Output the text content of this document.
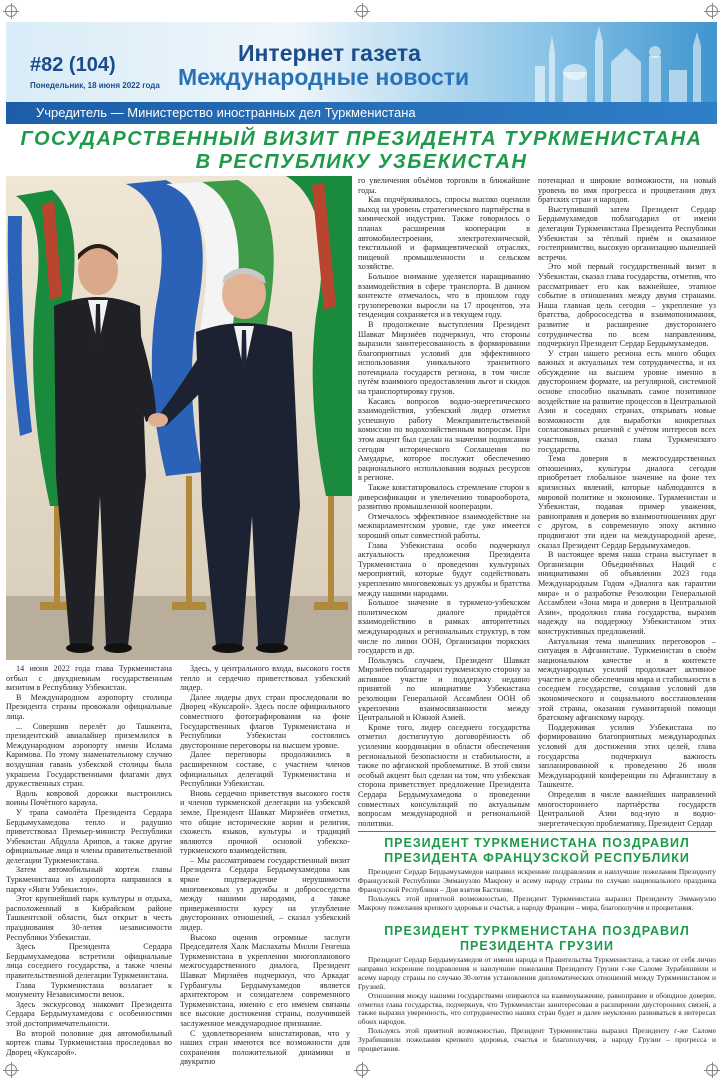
#82 (104)
Понедельник, 18 июня 2022 года
Интернет газета
Международные новости
Учредитель — Министерство иностранных дел Туркменистана
ГОСУДАРСТВЕННЫЙ ВИЗИТ ПРЕЗИДЕНТА ТУРКМЕНИСТАНА
В РЕСПУБЛИКУ УЗБЕКИСТАН

14 июня 2022 года глава Туркменистана отбыл с двухдневным государственным визитом в Республику Узбекистан.

В Международном аэропорту столицы Президента страны провожали официальные лица.

... Совершив перелёт до Ташкента, президентский авиалайнер приземлился в Международном аэропорту имени Ислама Каримова. По этому знаменательному случаю воздушная гавань узбекской столицы была украшена Государственными флагами двух дружественных стран.

Вдоль ковровой дорожки выстроились воины Почётного караула.

У трапа самолёта Президента Сердара Бердымухамедова тепло и радушно приветствовал Премьер-министр Республики Узбекистан Абдулла Арипов, а также другие официальные лица и члены правительственной делегации Туркменистана.

Затем автомобильный кортеж главы Туркменистана из аэропорта направился к парку «Янги Узбекистон».

Этот крупнейший парк культуры и отдыха, расположенный в Кибрайском районе Ташкентской области, был открыт в честь празднования 30-летия независимости Республики Узбекистан.

Здесь Президента Сердара Бердымухамедова встретили официальные лица соседнего государства, а также члены правительственной делегации Туркменистана.

Глава Туркменистана возлагает к монументу Независимости венок.

Здесь экскурсовод знакомит Президента Сердара Бердымухамедова с особенностями этой достопримечательности.

Во второй половине дня автомобильный кортеж главы Туркменистана проследовал во Дворец «Куксарой».

Здесь, у центрального входа, высокого гостя тепло и сердечно приветствовал узбекский лидер.

Далее лидеры двух стран проследовали во Дворец «Куксарой». Здесь после официального совместного фотографирования на фоне Государственных флагов Туркменистана и Республики Узбекистан состоялись двусторонние переговоры на высшем уровне.

Далее переговоры продолжились в расширенном составе, с участием членов официальных делегаций Туркменистана и Республики Узбекистан.

Вновь сердечно приветствуя высокого гостя и членов туркменской делегации на узбекской земле, Президент Шавкат Мирзиёев отметил, что общие исторические корни и религия, схожесть языков, культуры и традиций являются прочной основой узбекско-туркменского взаимодействия.

– Мы рассматриваем государственный визит Президента Сердара Бердымухамедова как яркое подтверждение нерушимости многовековых уз дружбы и добрососедства между нашими народами, а также приверженности курсу на углубление двусторонних отношений, – сказал узбекский лидер.

Высоко оценив огромные заслуги Председателя Халк Маслахаты Милли Генгеша Туркменистана в укреплении многопланового межгосударственного диалога, Президент Шавкат Мирзиёев подчеркнул, что Аркадаг Гурбангулы Бердымухамедов является архитектором и созидателем современного Туркменистана, именно с его именем связаны все высокие достижения страны, получившей заслуженное международное признание.

С удовлетворением констатировав, что у наших стран имеются все возможности для сохранения положительной динамики и двукратно

го увеличения объёмов торговли в ближайшие годы.

Как подчёркивалось, спросы высоко оценили выход на уровень стратегического партнёрства в химической индустрии. Также говорилось о планах расширения кооперации в автомобилестроении, электротехнической, текстильной и фармацевтической отраслях, пищевой промышленности и сельском хозяйстве.

Большое внимание уделяется наращиванию взаимодействия в сфере транспорта. В данном контексте отмечалось, что в прошлом году грузоперевозки выросли на 17 процентов, эта тенденция сохраняется и в текущем году.

В продолжение выступления Президент Шавкат Мирзиёев подчеркнул, что стороны выразили заинтересованность в формировании благоприятных условий для эффективного использования уникального транзитного потенциала государств региона, в том числе путём взаимного предоставления льгот и скидок на транспортировку грузов.

Касаясь вопросов водно-энергетического взаимодействия, узбекский лидер отметил успешную работу Межправительственной комиссии по водохозяйственным вопросам. При этом акцент был сделан на значении подписания сегодня исторического Соглашения по Амударье, которое послужит обеспечению рационального использования водных ресурсов в регионе.

Также констатировалось стремление сторон к диверсификации и увеличению товарооборота, развитию промышленной кооперации.

Отмечалось эффективное взаимодействие на межпарламентском уровне, где уже имеется хороший опыт совместной работы.

Глава Узбекистана особо подчеркнул актуальность предложения Президента Туркменистана о проведении культурных мероприятий, которые будут содействовать укреплению многовековых уз дружбы и братства между нашими народами.

Большое значение в туркмено-узбекском политическом диалоге придаётся взаимодействию в рамках авторитетных международных и региональных структур, в том числе по линии ООН, Организации тюркских государств и др.

Пользуясь случаем, Президент Шавкат Мирзиёев поблагодарил туркменскую сторону за активное участие и поддержку недавно принятой по инициативе Узбекистана резолюции Генеральной Ассамблеи ООН об укреплении взаимосвязанности между Центральной и Южной Азией.

Кроме того, лидер соседнего государства отметил достигнутую договорённость об усилении координации в области обеспечения региональной безопасности и стабильности, а также по афганской проблематике. В этой связи особый акцент был сделан на том, что узбекская сторона приветствует предложение Президента Сердара Бердымухамедова о проведении совместных консультаций по актуальным вопросам международной и региональной политики.

потенциал и широкие возможности, на новый уровень во имя прогресса и процветания двух братских стран и народов.

Выступивший затем Президент Сердар Бердымухамедов поблагодарил от имени делегации Туркменистана Президента Республики Узбекистан за тёплый приём и оказанное гостеприимство, высокую организацию нынешней встречи.

Это мой первый государственный визит в Узбекистан, сказал глава государства, отметив, что рассматривает его как важнейшее, этапное событие в отношениях между двумя странами. Наша главная цель сегодня – укрепление уз братства, добрососедства и взаимопонимания, развитие и расширение двустороннего сотрудничества по всем направлениям, подчеркнул Президент Сердар Бердымухамедов.

У стран нашего региона есть много общих важных и актуальных тем сотрудничества, и их обсуждение на высшем уровне именно в двустороннем формате, на регулярной, системной основе способно оказывать самое позитивное воздействие на развитие процессов в Центральной Азии и соседних странах, открывать новые возможности для выработки конкретных согласованных решений с учётом интересов всех участников, сказал глава Туркменского государства.

Тема доверия в межгосударственных отношениях, культуры диалога сегодня приобретает глобальное значение на фоне тех кризисных явлений, которые наблюдаются в мировой политике и экономике. Туркменистан и Узбекистан, подавая пример уважения, равноправия и доверия во взаимоотношениях друг с другом, в современную эпоху активно продвигают эти идеи на международной арене, сказал Президент Сердар Бердымухамедов.

В настоящее время наша страна выступает в Организации Объединённых Наций с инициативами об объявлении 2023 года Международным Годом «Диалога как гарантии мира» и о разработке Резолюции Генеральной Ассамблеи «Зона мира и доверия в Центральной Азии», продолжил глава государства, выразив надежду на поддержку Узбекистаном этих конструктивных предложений.

Актуальная тема нынешних переговоров – ситуация в Афганистане. Туркменистан в своём национальном качестве и в контексте международных усилий продолжает активное участие в деле обеспечения мира и стабильности в соседнем государстве, создания условий для экономического и социального восстановления этой страны, оказания гуманитарной помощи братскому афганскому народу.

Поддерживая усилия Узбекистана по формированию благоприятных международных условий для достижения этих целей, глава государства подчеркнул важность запланированной к проведению 26 июля Международной конференции по Афганистану в Ташкенте.

Определив в числе важнейших направлений многостороннего партнёрства государств Центральной Азии вод-ную и водно-энергетическую проблематику, Президент Сердар

ПРЕЗИДЕНТ ТУРКМЕНИСТАНА ПОЗДРАВИЛ
ПРЕЗИДЕНТА ФРАНЦУЗСКОЙ РЕСПУБЛИКИ

Президент Сердар Бердымухамедов направил искренние поздравления и наилучшие пожелания Президенту Французской Республики Эммануэлю Макрону и всему народу страны по случаю национального праздника Французской Республики – Дня взятия Бастилии.

Пользуясь этой приятной возможностью, Президент Туркменистана выразил Президенту Эммануэлю Макрону пожелания крепкого здоровья и счастья, а народу Франции – мира, благополучия и процветания.

ПРЕЗИДЕНТ ТУРКМЕНИСТАНА ПОЗДРАВИЛ
ПРЕЗИДЕНТА ГРУЗИИ

Президент Сердар Бердымухамедов от имени народа и Правительства Туркменистана, а также от себя лично направил искренние поздравления и наилучшие пожелания Президенту Грузии г-же Саломе Зурабишвили и всему народу страны по случаю 30-летия установления дипломатических отношений между Туркменистаном и Грузией.

Отношения между нашими государствами опираются на взаимоуважение, равноправие и обоюдное доверие, отметил глава государства, подчеркнув, что Туркменистан заинтересован в расширении двусторонних связей, а также выразил уверенность, что сотрудничество наших стран будет и далее неуклонно развиваться в интересах обоих народов.

Пользуясь этой приятной возможностью, Президент Туркменистана выразил Президенту г-же Саломе Зурабишвили пожелания крепкого здоровья, счастья и благополучия, а народу Грузии – прогресса и процветания.
